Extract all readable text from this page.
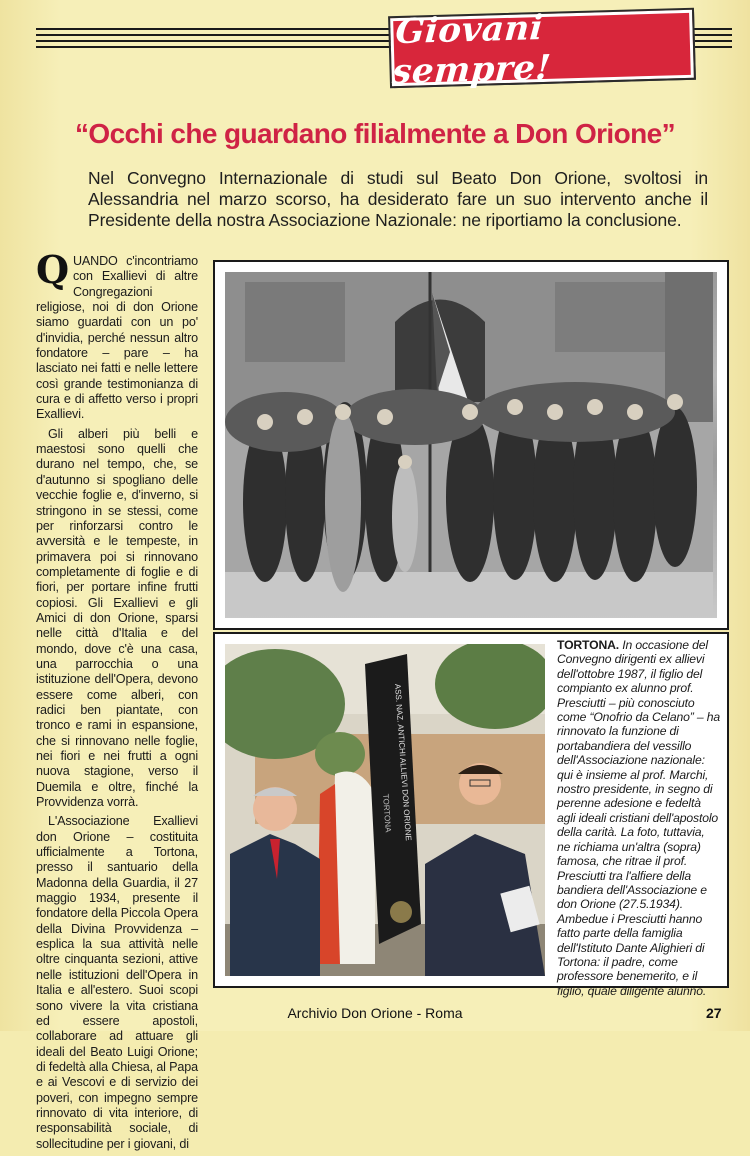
Giovani sempre!
“Occhi che guardano filialmente a Don Orione”
Nel Convegno Internazionale di studi sul Beato Don Orione, svoltosi in Alessandria nel marzo scorso, ha desiderato fare un suo intervento anche il Presidente della nostra Associazione Nazionale: ne riportiamo la conclusione.

QUANDO c'incontriamo con Exallievi di altre Congregazioni religiose, noi di don Orione siamo guardati con un po' d'invidia, perché nessun altro fondatore – pare – ha lasciato nei fatti e nelle lettere così grande testimonianza di cura e di affetto verso i propri Exallievi.

Gli alberi più belli e maestosi sono quelli che durano nel tempo, che, se d'autunno si spogliano delle vecchie foglie e, d'inverno, si stringono in se stessi, come per rinforzarsi contro le avversità e le tempeste, in primavera poi si rinnovano completamente di foglie e di fiori, per portare infine frutti copiosi. Gli Exallievi e gli Amici di don Orione, sparsi nelle città d'Italia e del mondo, dove c'è una casa, una parrocchia o una istituzione dell'Opera, devono essere come alberi, con radici ben piantate, con tronco e rami in espansione, che si rinnovano nelle foglie, nei fiori e nei frutti a ogni nuova stagione, verso il Duemila e oltre, finché la Provvidenza vorrà.

L'Associazione Exallievi don Orione – costituita ufficialmente a Tortona, presso il santuario della Madonna della Guardia, il 27 maggio 1934, presente il fondatore della Piccola Opera della Divina Provvidenza – esplica la sua attività nelle oltre cinquanta sezioni, attive nelle istituzioni dell'Opera in Italia e all'estero. Suoi scopi sono vivere la vita cristiana ed essere apostoli, collaborare ad attuare gli ideali del Beato Luigi Orione; di fedeltà alla Chiesa, al Papa e ai Vescovi e di servizio dei poveri, con impegno sempre rinnovato di vita interiore, di responsabilità sociale, di sollecitudine per i giovani, di

ASS. NAZ. ANTICHI ALLIEVI DON ORIONE
TORTONA
TORTONA. In occasione del Convegno dirigenti ex allievi dell'ottobre 1987, il figlio del compianto ex alunno prof. Presciutti – più conosciuto come “Onofrio da Celano” – ha rinnovato la funzione di portabandiera del vessillo dell'Associazione nazionale: qui è insieme al prof. Marchi, nostro presidente, in segno di perenne adesione e fedeltà agli ideali cristiani dell'apostolo della carità. La foto, tuttavia, ne richiama un'altra (sopra) famosa, che ritrae il prof. Presciutti tra l'alfiere della bandiera dell'Associazione e don Orione (27.5.1934). Ambedue i Presciutti hanno fatto parte della famiglia dell'Istituto Dante Alighieri di Tortona: il padre, come professore benemerito, e il figlio, quale diligente alunno.
Archivio Don Orione - Roma	27
